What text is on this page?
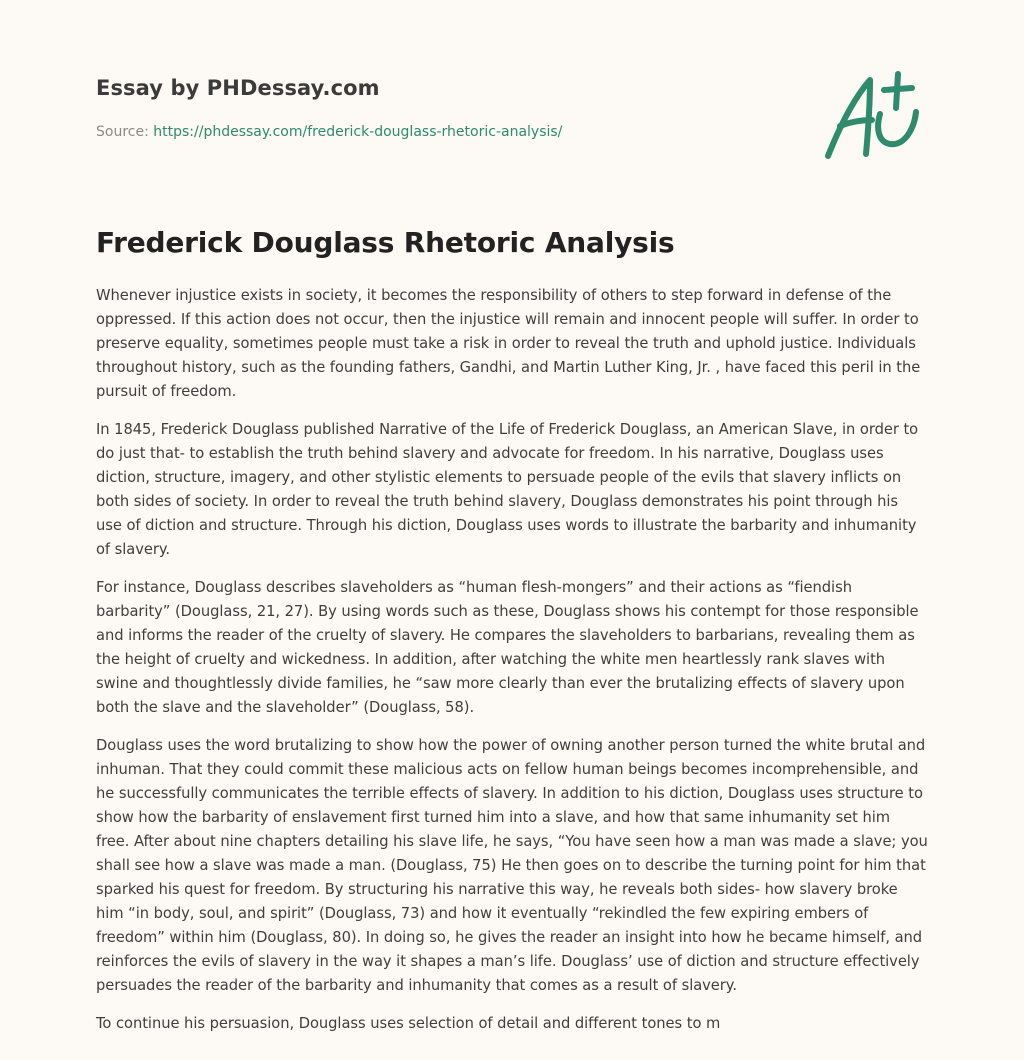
Essay by PHDessay.com
Source: https://phdessay.com/frederick-douglass-rhetoric-analysis/
Frederick Douglass Rhetoric Analysis

Whenever injustice exists in society, it becomes the responsibility of others to step forward in defense of the oppressed. If this action does not occur, then the injustice will remain and innocent people will suffer. In order to preserve equality, sometimes people must take a risk in order to reveal the truth and uphold justice. Individuals throughout history, such as the founding fathers, Gandhi, and Martin Luther King, Jr. , have faced this peril in the pursuit of freedom.

In 1845, Frederick Douglass published Narrative of the Life of Frederick Douglass, an American Slave, in order to do just that- to establish the truth behind slavery and advocate for freedom. In his narrative, Douglass uses diction, structure, imagery, and other stylistic elements to persuade people of the evils that slavery inflicts on both sides of society. In order to reveal the truth behind slavery, Douglass demonstrates his point through his use of diction and structure. Through his diction, Douglass uses words to illustrate the barbarity and inhumanity of slavery.

For instance, Douglass describes slaveholders as “human flesh-mongers” and their actions as “fiendish barbarity” (Douglass, 21, 27). By using words such as these, Douglass shows his contempt for those responsible and informs the reader of the cruelty of slavery. He compares the slaveholders to barbarians, revealing them as the height of cruelty and wickedness. In addition, after watching the white men heartlessly rank slaves with swine and thoughtlessly divide families, he “saw more clearly than ever the brutalizing effects of slavery upon both the slave and the slaveholder” (Douglass, 58).

Douglass uses the word brutalizing to show how the power of owning another person turned the white brutal and inhuman. That they could commit these malicious acts on fellow human beings becomes incomprehensible, and he successfully communicates the terrible effects of slavery. In addition to his diction, Douglass uses structure to show how the barbarity of enslavement first turned him into a slave, and how that same inhumanity set him free. After about nine chapters detailing his slave life, he says, “You have seen how a man was made a slave; you shall see how a slave was made a man. (Douglass, 75) He then goes on to describe the turning point for him that sparked his quest for freedom. By structuring his narrative this way, he reveals both sides- how slavery broke him “in body, soul, and spirit” (Douglass, 73) and how it eventually “rekindled the few expiring embers of freedom” within him (Douglass, 80). In doing so, he gives the reader an insight into how he became himself, and reinforces the evils of slavery in the way it shapes a man’s life. Douglass’ use of diction and structure effectively persuades the reader of the barbarity and inhumanity that comes as a result of slavery.

To continue his persuasion, Douglass uses selection of detail and different tones to m
